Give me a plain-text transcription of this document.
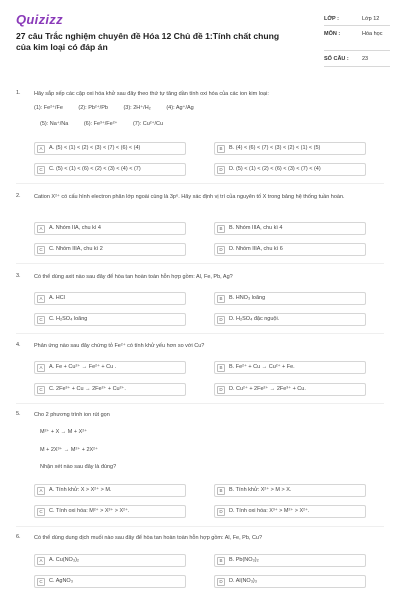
Quizizz
27 câu Trắc nghiệm chuyên đề Hóa 12 Chủ đề 1:Tính chất chung của kim loại có đáp án
LỚP :	Lớp 12
MÔN :	Hóa học
SỐ CÂU : 23
1. Hãy sắp xếp các cặp oxi hóa khử sau đây theo thứ tự tăng dần tính oxi hóa của các ion kim loại:
(1): Fe²⁺/Fe	(2): Pb²⁺/Pb	(3): 2H⁺/H₂	(4): Ag⁺/Ag
(5): Na⁺/Na	(6): Fe³⁺/Fe²⁺	(7): Cu²⁺/Cu
A	A. (5) < (1) < (2) < (3) < (7) < (6) < (4)	B	B. (4) < (6) < (7) < (3) < (2) < (1) < (5)
C	C. (5) < (1) < (6) < (2) < (3) < (4) < (7)	D	D. (5) < (1) < (2) < (6) < (3) < (7) < (4)
2. Cation X²⁺ có cấu hình electron phân lớp ngoài cùng là 3p⁶. Hãy xác định vị trí của nguyên tố X trong bảng hệ thống tuần hoàn.
A	A. Nhóm IIA, chu kì 4	B	B. Nhóm IIIA, chu kì 4
C	C. Nhóm IIIA, chu kì 2	D	D. Nhóm IIIA, chu kì 6
3. Có thể dùng axit nào sau đây để hòa tan hoàn toàn hỗn hợp gồm: Al, Fe, Pb, Ag?
A	A. HCl	B	B. HNO₃ loãng
C	C. H₂SO₄ loãng	D	D. H₂SO₄ đặc nguội.
4. Phản ứng nào sau đây chứng tỏ Fe²⁺ có tính khử yếu hơn so với Cu?
A	A. Fe + Cu²⁺ → Fe²⁺ + Cu .	B	B. Fe²⁺ + Cu → Cu²⁺ + Fe.
C	C. 2Fe³⁺ + Cu → 2Fe²⁺ + Cu²⁺.	D	D. Cu²⁺ + 2Fe²⁺ → 2Fe³⁺ + Cu.
5. Cho 2 phương trình ion rút gọn
M²⁺ + X → M + X²⁺
M + 2X³⁺ → M²⁺ + 2X²⁺
Nhận xét nào sau đây là đúng?
A	A. Tính khử: X > X²⁺ > M.	B	B. Tính khử: X²⁺ > M > X.
C	C. Tính oxi hóa: M²⁺ > X³⁺ > X²⁺.	D	D. Tính oxi hóa: X³⁺ > M²⁺ > X²⁺.
6. Có thể dùng dung dịch muối nào sau đây để hòa tan hoàn toàn hỗn hợp gồm: Al, Fe, Pb, Cu?
A	A. Cu(NO₃)₂	B	B. Pb(NO₃)₂
C	C. AgNO₃	D	D. Al(NO₃)₃
